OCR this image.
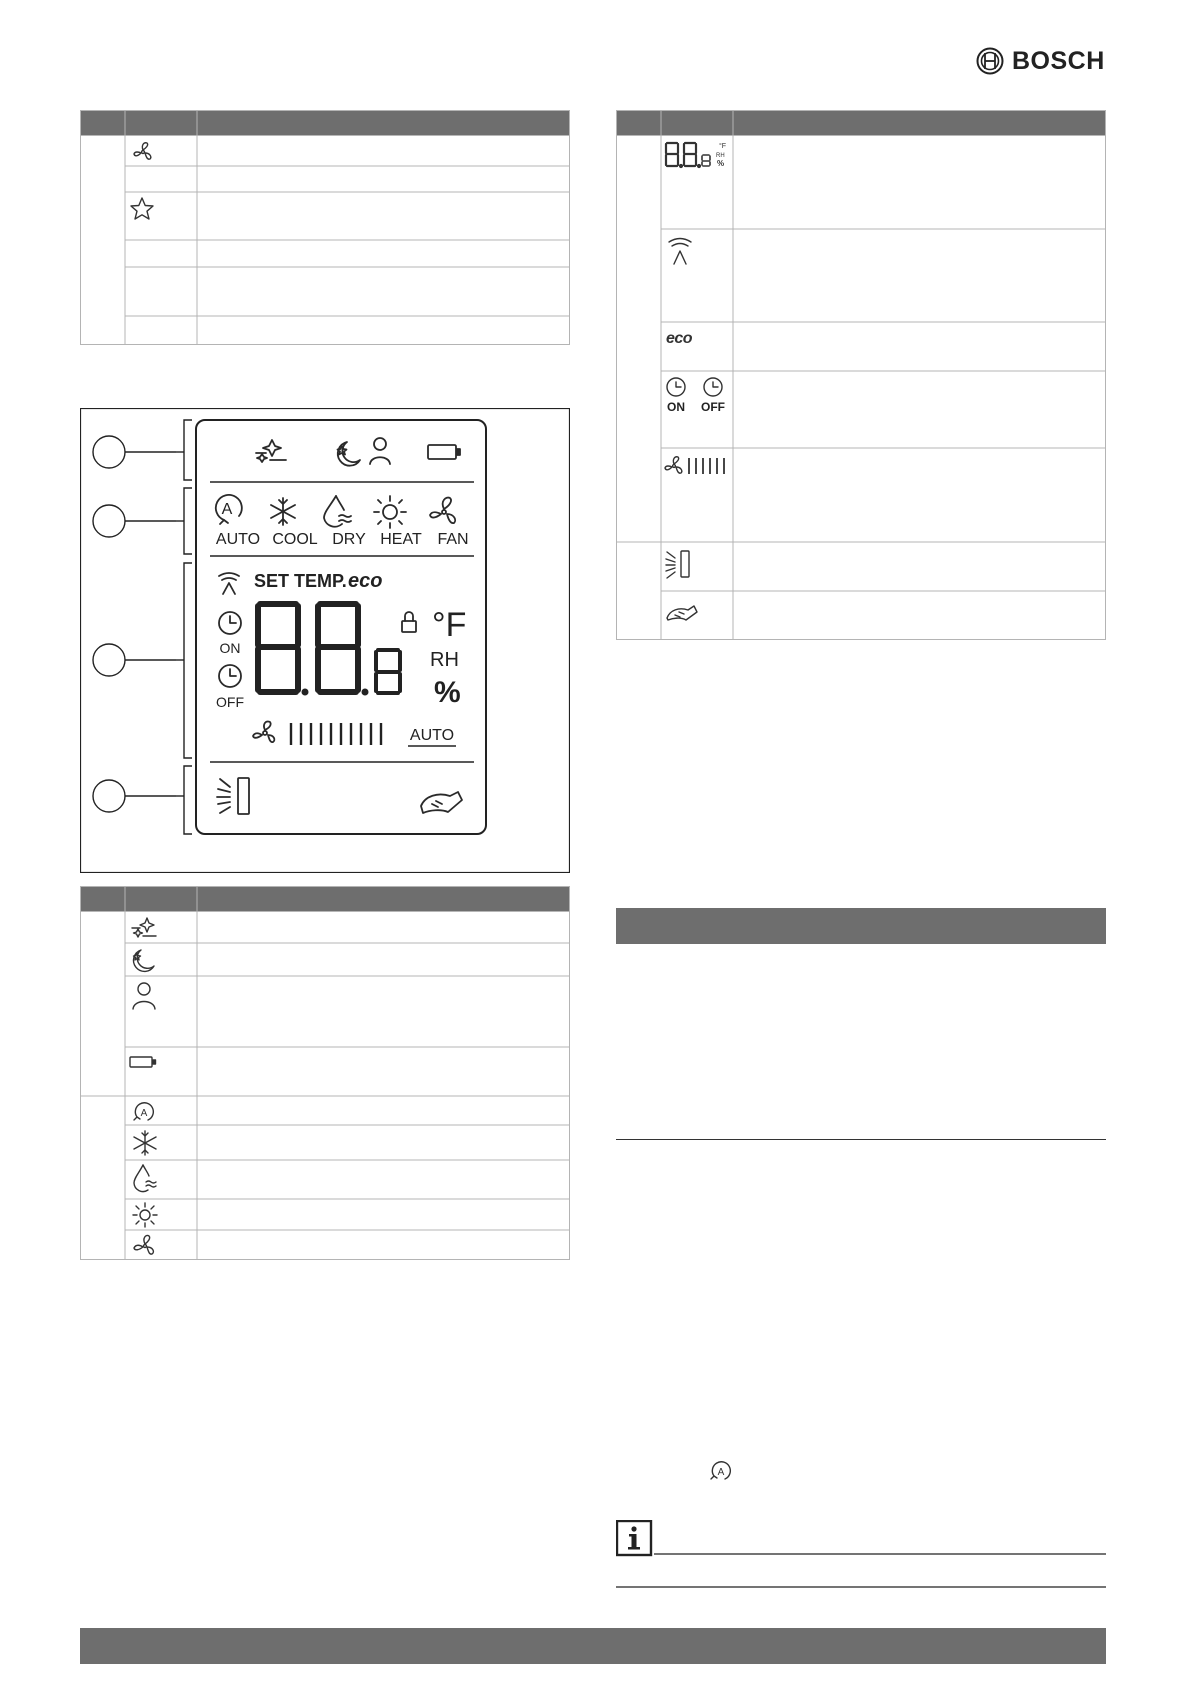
BOSCH
A
AUTO COOL DRY HEAT FAN
SET TEMP. eco
ON
OFF
°F
RH
%
AUTO
A
°F
RH
%
eco
ON OFF
A
